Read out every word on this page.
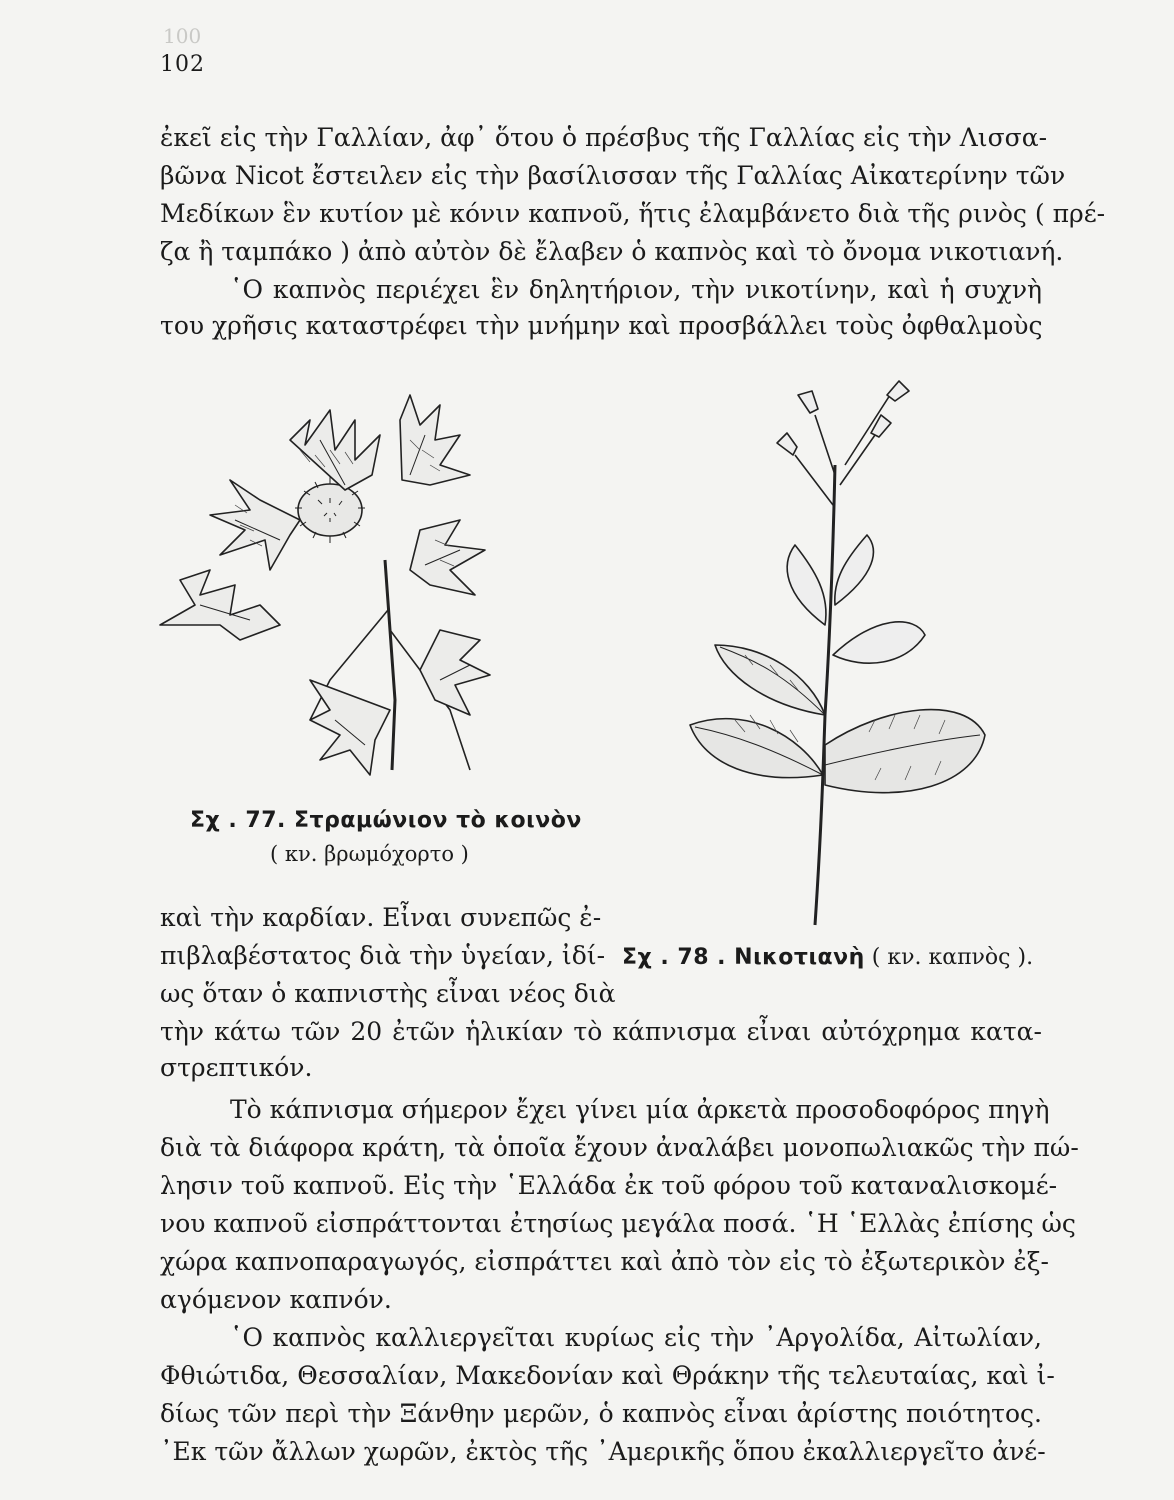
100
102
ἐκεῖ εἰς τὴν Γαλλίαν, ἀφ᾽ ὅτου ὁ πρέσβυς τῆς Γαλλίας εἰς τὴν Λισσα-
βῶνα Nicot ἔστειλεν εἰς τὴν βασίλισσαν τῆς Γαλλίας Αἰκατερίνην τῶν
Μεδίκων ἓν κυτίον μὲ κόνιν καπνοῦ, ἥτις ἐλαμβάνετο διὰ τῆς ρινὸς ( πρέ-
ζα ἢ ταμπάκο ) ἀπὸ αὐτὸν δὲ ἔλαβεν ὁ καπνὸς καὶ τὸ ὄνομα νικοτιανή.
῾Ο καπνὸς περιέχει ἓν δηλητήριον, τὴν νικοτίνην, καὶ ἡ συχνὴ
του χρῆσις καταστρέφει τὴν μνήμην καὶ προσβάλλει τοὺς ὀφθαλμοὺς
Σχ . 77. Στραμώνιον τὸ κοινὸν
( κν. βρωμόχορτο )
Σχ . 78 . Νικοτιανὴ ( κν. καπνὸς ).
καὶ τὴν καρδίαν. Εἶναι συνεπῶς ἐ-
πιβλαβέστατος διὰ τὴν ὑγείαν, ἰδί-
ως ὅταν ὁ καπνιστὴς εἶναι νέος διὰ
τὴν κάτω τῶν 20 ἐτῶν ἡλικίαν τὸ κάπνισμα εἶναι αὐτόχρημα κατα-
στρεπτικόν.
Τὸ κάπνισμα σήμερον ἔχει γίνει μία ἀρκετὰ προσοδοφόρος πηγὴ
διὰ τὰ διάφορα κράτη, τὰ ὁποῖα ἔχουν ἀναλάβει μονοπωλιακῶς τὴν πώ-
λησιν τοῦ καπνοῦ. Εἰς τὴν ῾Ελλάδα ἐκ τοῦ φόρου τοῦ καταναλισκομέ-
νου καπνοῦ εἰσπράττονται ἐτησίως μεγάλα ποσά. ῾Η ῾Ελλὰς ἐπίσης ὡς
χώρα καπνοπαραγωγός, εἰσπράττει καὶ ἀπὸ τὸν εἰς τὸ ἐξωτερικὸν ἐξ-
αγόμενον καπνόν.
῾Ο καπνὸς καλλιεργεῖται κυρίως εἰς τὴν ᾽Αργολίδα, Αἰτωλίαν,
Φθιώτιδα, Θεσσαλίαν, Μακεδονίαν καὶ Θράκην τῆς τελευταίας, καὶ ἰ-
δίως τῶν περὶ τὴν Ξάνθην μερῶν, ὁ καπνὸς εἶναι ἀρίστης ποιότητος.
᾽Εκ τῶν ἄλλων χωρῶν, ἐκτὸς τῆς ᾽Αμερικῆς ὅπου ἐκαλλιεργεῖτο ἀνέ-
